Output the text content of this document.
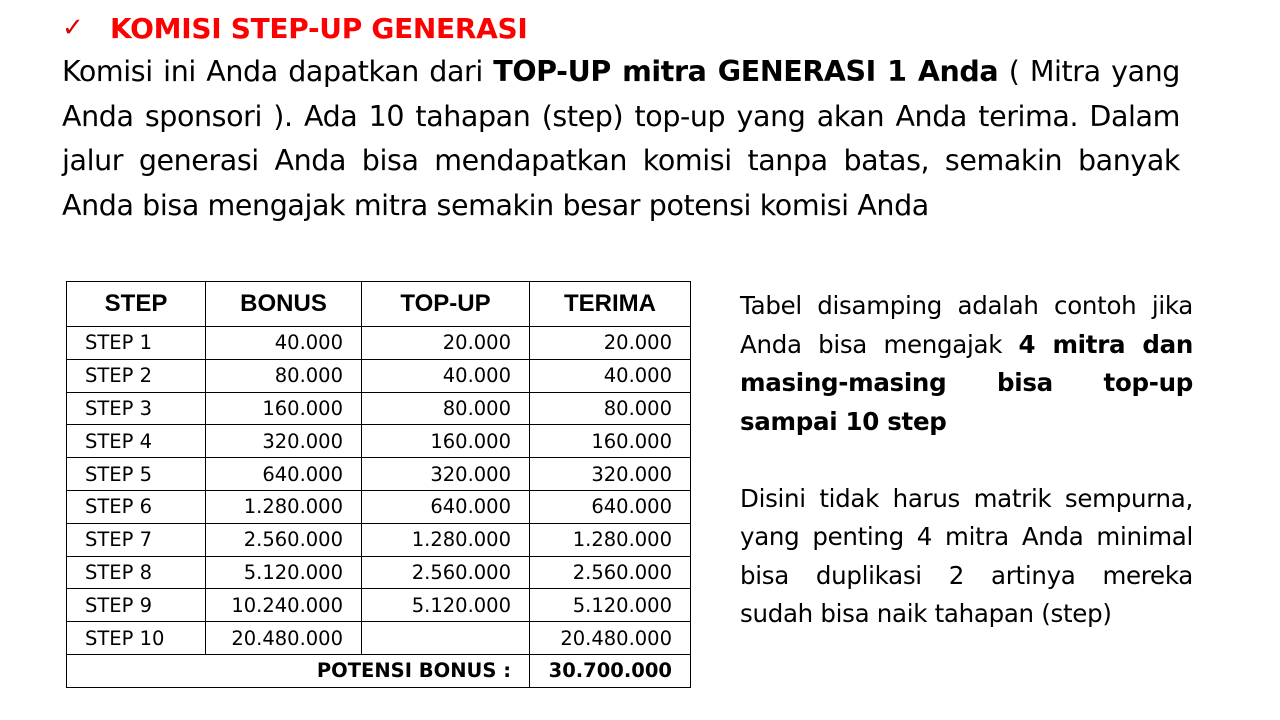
✓ KOMISI STEP-UP GENERASI

Komisi ini Anda dapatkan dari TOP-UP mitra GENERASI 1 Anda ( Mitra yang Anda sponsori ). Ada 10 tahapan (step) top-up yang akan Anda terima. Dalam jalur generasi Anda bisa mendapatkan komisi tanpa batas, semakin banyak Anda bisa mengajak mitra semakin besar potensi komisi Anda

STEP	BONUS	TOP-UP	TERIMA
STEP 1	40.000	20.000	20.000
STEP 2	80.000	40.000	40.000
STEP 3	160.000	80.000	80.000
STEP 4	320.000	160.000	160.000
STEP 5	640.000	320.000	320.000
STEP 6	1.280.000	640.000	640.000
STEP 7	2.560.000	1.280.000	1.280.000
STEP 8	5.120.000	2.560.000	2.560.000
STEP 9	10.240.000	5.120.000	5.120.000
STEP 10	20.480.000		20.480.000
POTENSI BONUS :			30.700.000

Tabel disamping adalah contoh jika Anda bisa mengajak 4 mitra dan masing-masing bisa top-up sampai 10 step

Disini tidak harus matrik sempurna, yang penting 4 mitra Anda minimal bisa duplikasi 2 artinya mereka sudah bisa naik tahapan (step)
